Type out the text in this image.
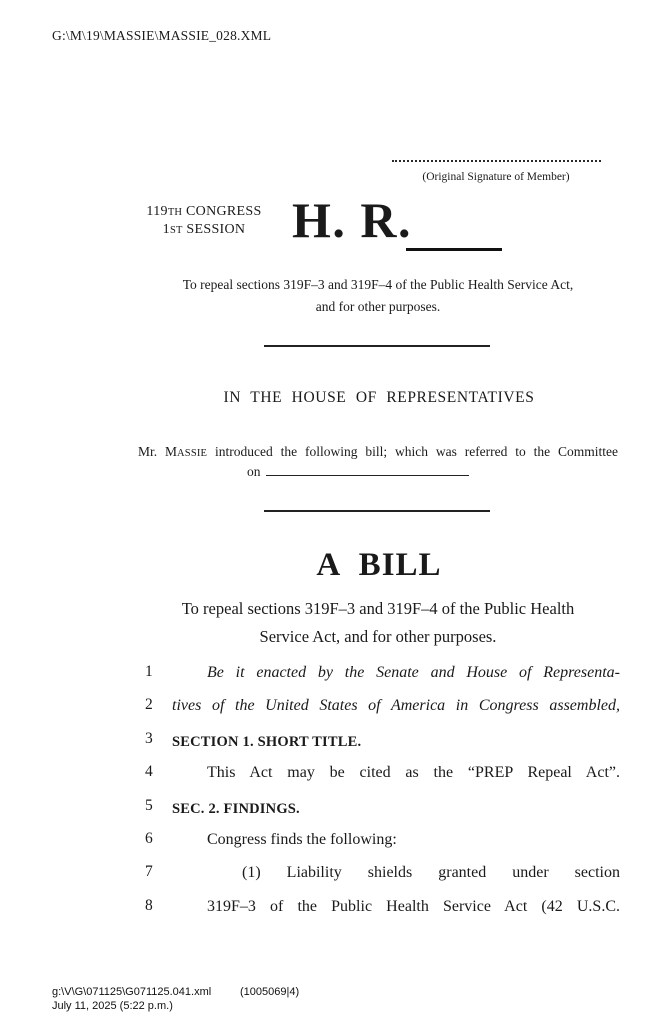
G:\M\19\MASSIE\MASSIE_028.XML
(Original Signature of Member)
119TH CONGRESS
1ST SESSION H. R.
To repeal sections 319F–3 and 319F–4 of the Public Health Service Act,
and for other purposes.
IN THE HOUSE OF REPRESENTATIVES
Mr. MASSIE introduced the following bill; which was referred to the Committee
on
A BILL
To repeal sections 319F–3 and 319F–4 of the Public Health
Service Act, and for other purposes.
1	Be it enacted by the Senate and House of Representa-
2 tives of the United States of America in Congress assembled,
3 SECTION 1. SHORT TITLE.
4	This Act may be cited as the “PREP Repeal Act”.
5 SEC. 2. FINDINGS.
6	Congress finds the following:
7	(1) Liability shields granted under section
8	319F–3 of the Public Health Service Act (42 U.S.C.
g:\V\G\071125\G071125.041.xml	(1005069|4)
July 11, 2025 (5:22 p.m.)
